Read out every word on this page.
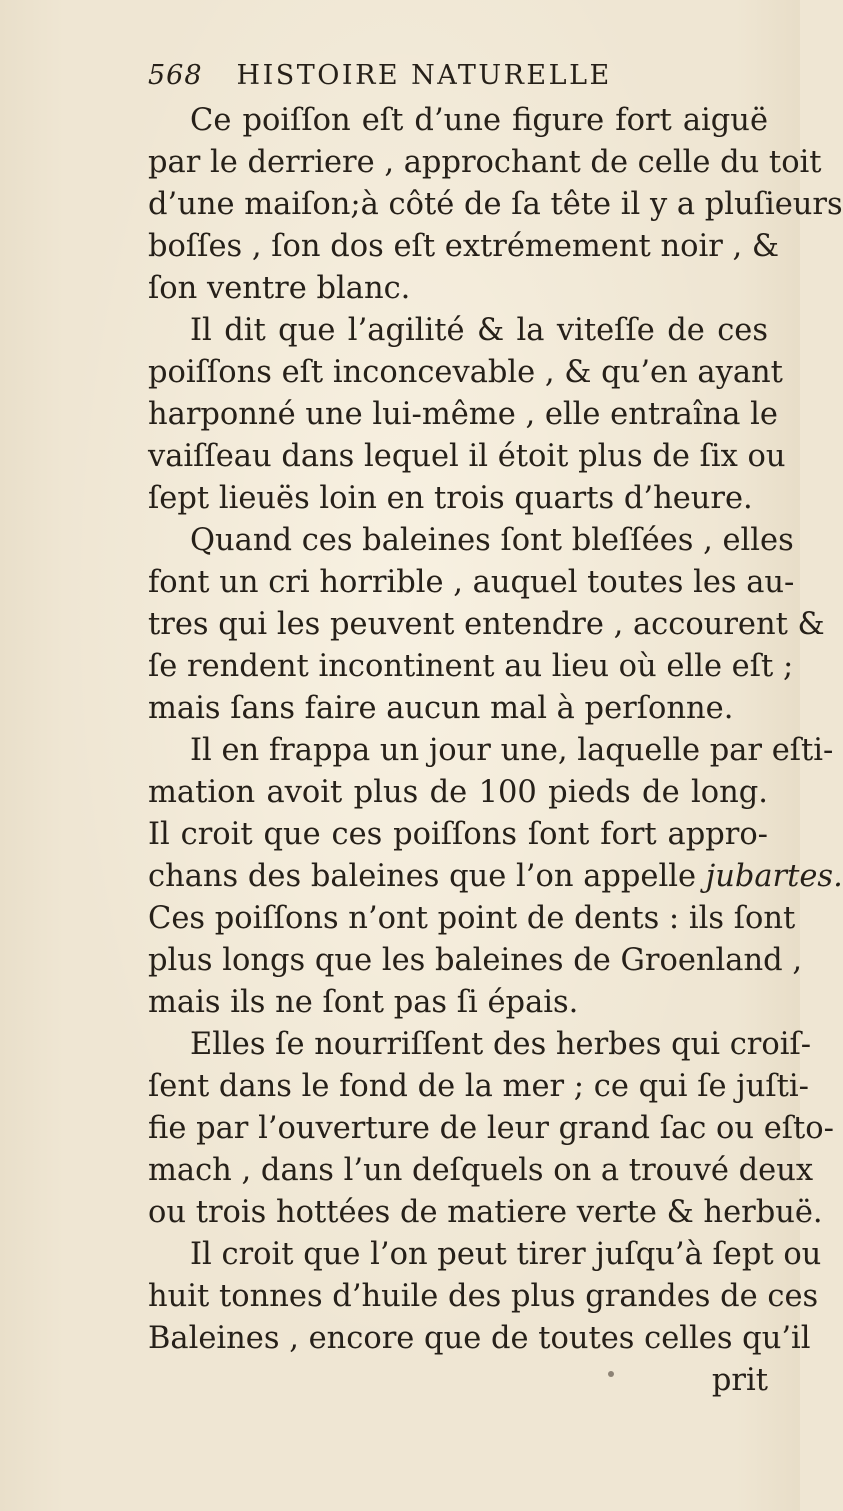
568 HISTOIRE NATURELLE
Ce poiſſon eſt d’une figure fort aiguë
par le derriere , approchant de celle du toit
d’une maiſon;à côté de ſa tête il y a pluſieurs
boſſes , ſon dos eſt extrémement noir , &
ſon ventre blanc.
Il dit que l’agilité & la viteſſe de ces
poiſſons eſt inconcevable , & qu’en ayant
harponné une lui-même , elle entraîna le
vaiſſeau dans lequel il étoit plus de ſix ou
ſept lieuës loin en trois quarts d’heure.
Quand ces baleines ſont bleſſées , elles
font un cri horrible , auquel toutes les au-
tres qui les peuvent entendre , accourent &
ſe rendent incontinent au lieu où elle eſt ;
mais ſans faire aucun mal à perſonne.
Il en frappa un jour une, laquelle par eſti-
mation avoit plus de 100 pieds de long.
Il croit que ces poiſſons ſont fort appro-
chans des baleines que l’on appelle jubartes.
Ces poiſſons n’ont point de dents : ils ſont
plus longs que les baleines de Groenland ,
mais ils ne ſont pas ſi épais.
Elles ſe nourriſſent des herbes qui croiſ-
ſent dans le fond de la mer ; ce qui ſe juſti-
fie par l’ouverture de leur grand ſac ou eſto-
mach , dans l’un deſquels on a trouvé deux
ou trois hottées de matiere verte & herbuë.
Il croit que l’on peut tirer juſqu’à ſept ou
huit tonnes d’huile des plus grandes de ces
Baleines , encore que de toutes celles qu’il
prit
